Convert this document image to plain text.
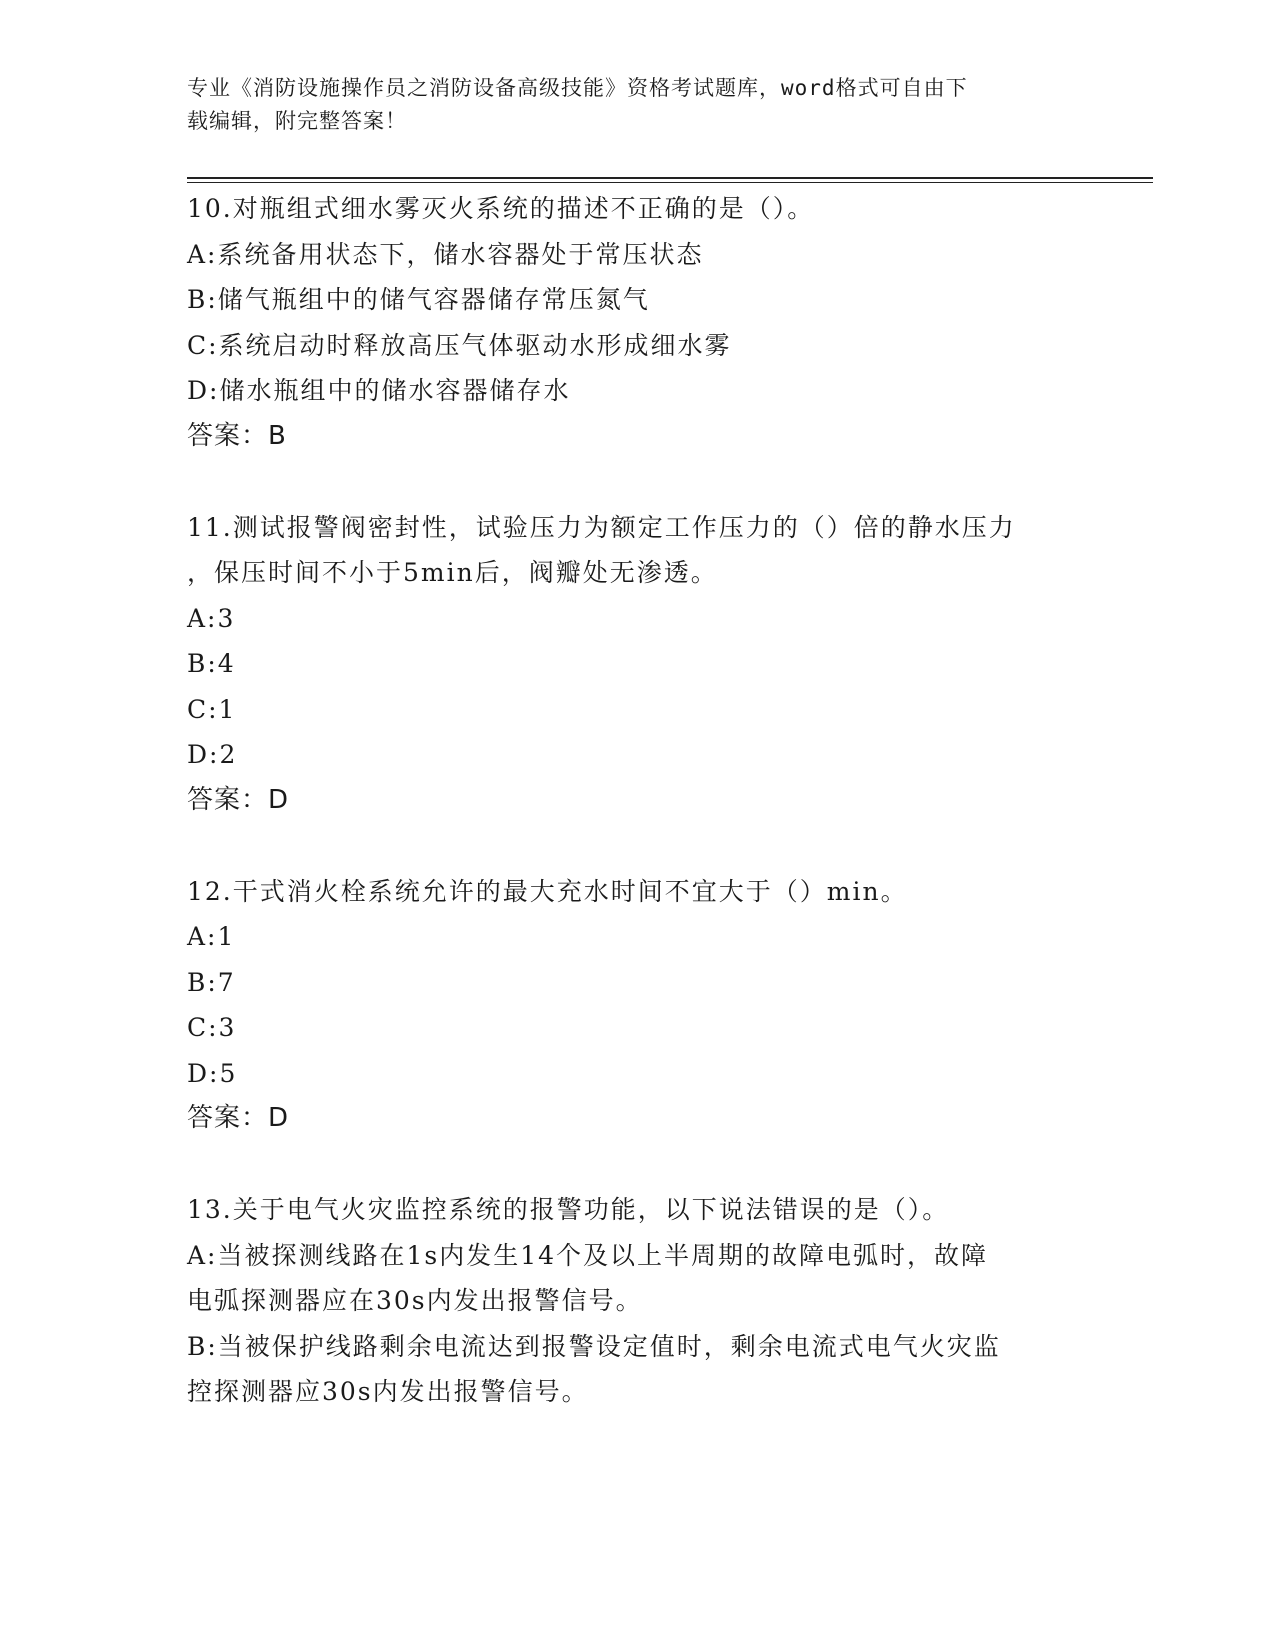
专业《消防设施操作员之消防设备高级技能》资格考试题库，word格式可自由下
载编辑，附完整答案！
10.对瓶组式细水雾灭火系统的描述不正确的是（）。
A:系统备用状态下，储水容器处于常压状态
B:储气瓶组中的储气容器储存常压氮气
C:系统启动时释放高压气体驱动水形成细水雾
D:储水瓶组中的储水容器储存水
答案：B
11.测试报警阀密封性，试验压力为额定工作压力的（）倍的静水压力
，保压时间不小于5min后，阀瓣处无渗透。
A:3
B:4
C:1
D:2
答案：D
12.干式消火栓系统允许的最大充水时间不宜大于（）min。
A:1
B:7
C:3
D:5
答案：D
13.关于电气火灾监控系统的报警功能，以下说法错误的是（）。
A:当被探测线路在1s内发生14个及以上半周期的故障电弧时，故障
电弧探测器应在30s内发出报警信号。
B:当被保护线路剩余电流达到报警设定值时，剩余电流式电气火灾监
控探测器应30s内发出报警信号。
